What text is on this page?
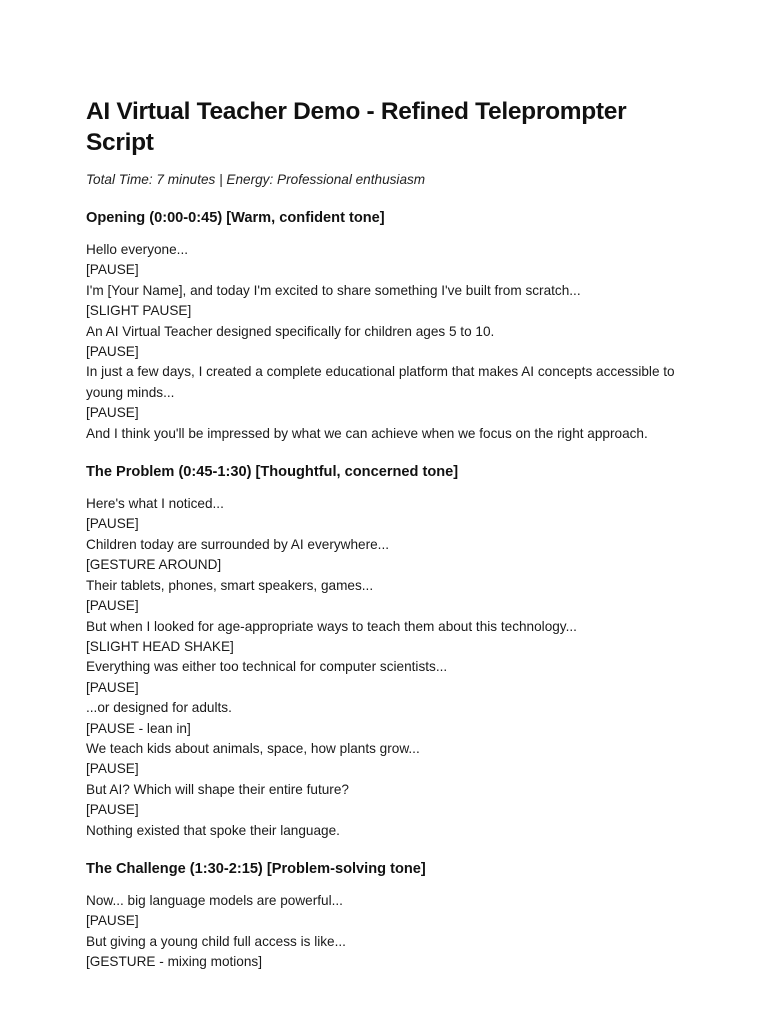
AI Virtual Teacher Demo - Refined Teleprompter Script

Total Time: 7 minutes | Energy: Professional enthusiasm

Opening (0:00-0:45) [Warm, confident tone]
Hello everyone...
[PAUSE]
I'm [Your Name], and today I'm excited to share something I've built from scratch...
[SLIGHT PAUSE]
An AI Virtual Teacher designed specifically for children ages 5 to 10.
[PAUSE]
In just a few days, I created a complete educational platform that makes AI concepts accessible to young minds...
[PAUSE]
And I think you'll be impressed by what we can achieve when we focus on the right approach.
The Problem (0:45-1:30) [Thoughtful, concerned tone]
Here's what I noticed...
[PAUSE]
Children today are surrounded by AI everywhere...
[GESTURE AROUND]
Their tablets, phones, smart speakers, games...
[PAUSE]
But when I looked for age-appropriate ways to teach them about this technology...
[SLIGHT HEAD SHAKE]
Everything was either too technical for computer scientists...
[PAUSE]
...or designed for adults.
[PAUSE - lean in]
We teach kids about animals, space, how plants grow...
[PAUSE]
But AI? Which will shape their entire future?
[PAUSE]
Nothing existed that spoke their language.
The Challenge (1:30-2:15) [Problem-solving tone]
Now... big language models are powerful...
[PAUSE]
But giving a young child full access is like...
[GESTURE - mixing motions]
